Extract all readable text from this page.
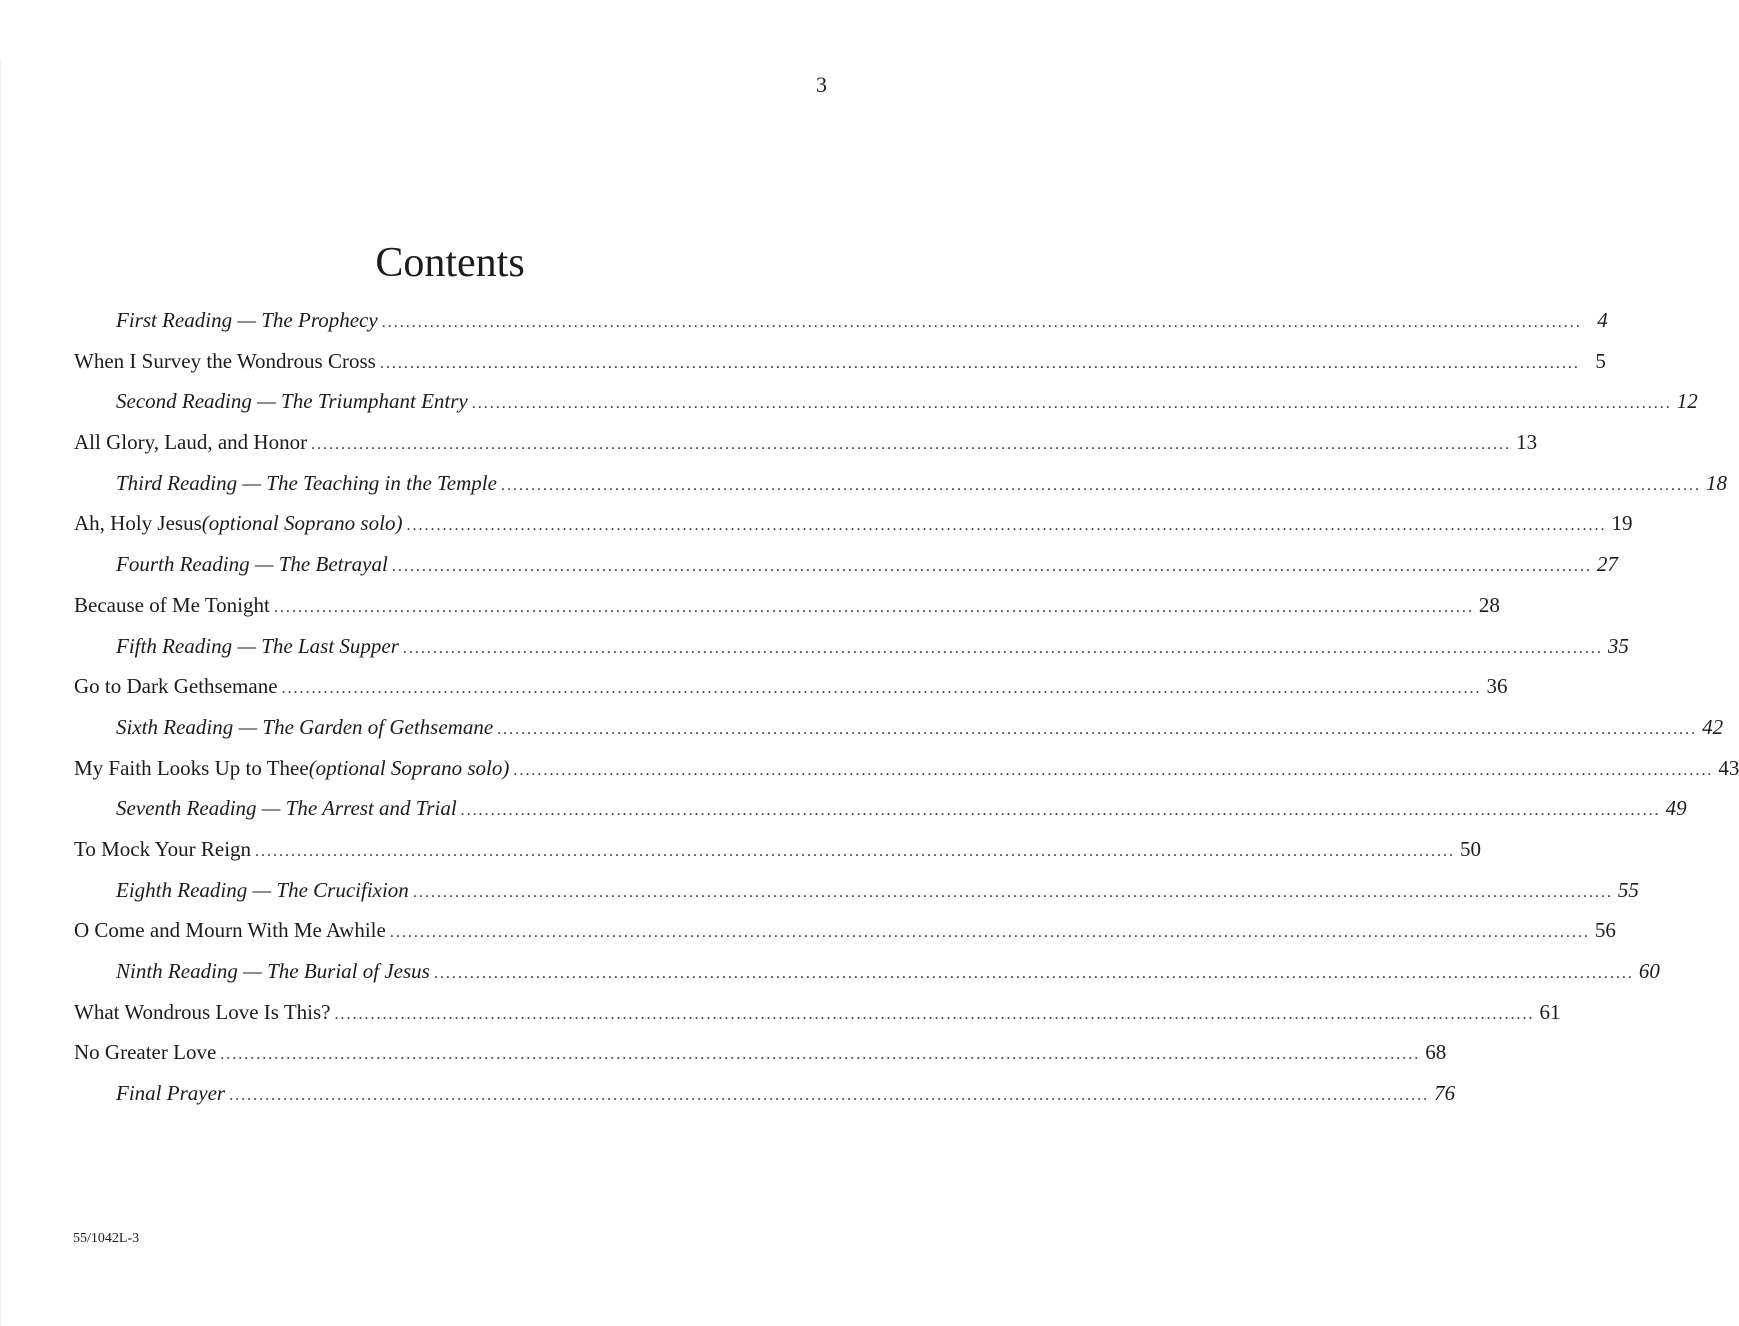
3
Contents
First Reading — The Prophecy ........................................................................................................................................................................................................ 4
When I Survey the Wondrous Cross ........................................................................................................................................................................................................ 5
Second Reading — The Triumphant Entry ........................................................................................................................................................................................................ 12
All Glory, Laud, and Honor ........................................................................................................................................................................................................ 13
Third Reading — The Teaching in the Temple ........................................................................................................................................................................................................ 18
Ah, Holy Jesus (optional Soprano solo) ........................................................................................................................................................................................................ 19
Fourth Reading — The Betrayal ........................................................................................................................................................................................................ 27
Because of Me Tonight ........................................................................................................................................................................................................ 28
Fifth Reading — The Last Supper ........................................................................................................................................................................................................ 35
Go to Dark Gethsemane ........................................................................................................................................................................................................ 36
Sixth Reading — The Garden of Gethsemane ........................................................................................................................................................................................................ 42
My Faith Looks Up to Thee (optional Soprano solo) ........................................................................................................................................................................................................ 43
Seventh Reading — The Arrest and Trial ........................................................................................................................................................................................................ 49
To Mock Your Reign ........................................................................................................................................................................................................ 50
Eighth Reading — The Crucifixion ........................................................................................................................................................................................................ 55
O Come and Mourn With Me Awhile ........................................................................................................................................................................................................ 56
Ninth Reading — The Burial of Jesus ........................................................................................................................................................................................................ 60
What Wondrous Love Is This? ........................................................................................................................................................................................................ 61
No Greater Love ........................................................................................................................................................................................................ 68
Final Prayer ........................................................................................................................................................................................................ 76
55/1042L-3
